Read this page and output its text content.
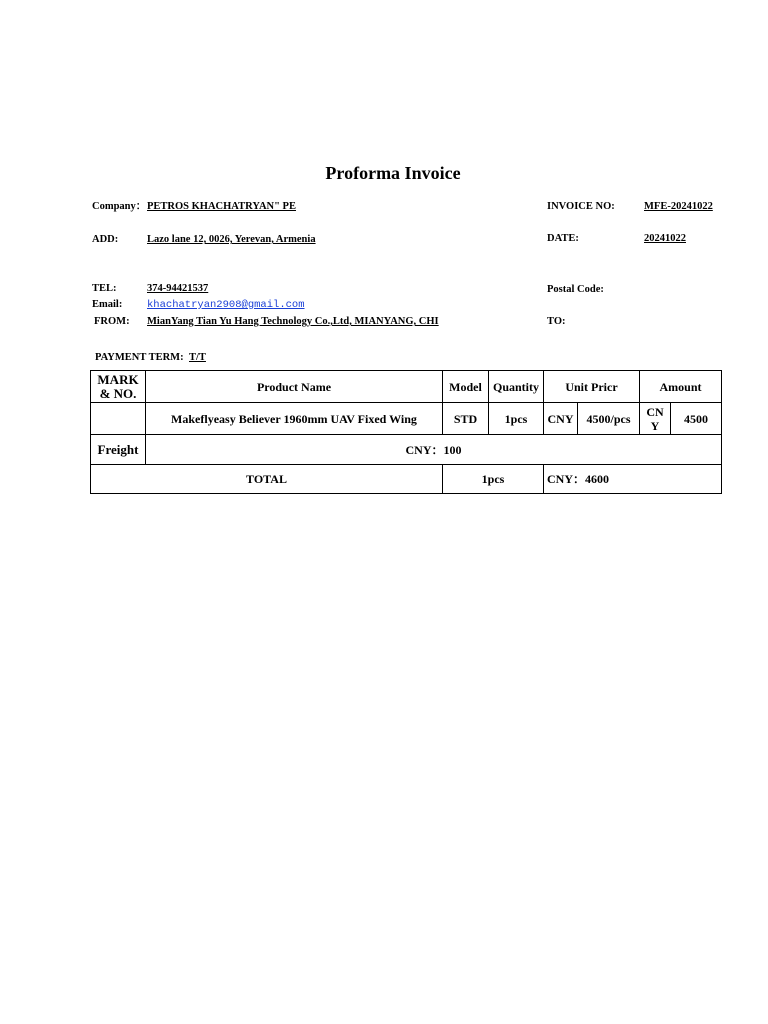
Proforma Invoice
Company： PETROS KHACHATRYAN" PE
ADD:	Lazo lane 12, 0026, Yerevan, Armenia
TEL:	374-94421537
Email: khachatryan2908@gmail.com
FROM: MianYang Tian Yu Hang Technology Co.,Ltd, MIANYANG, CHI
INVOICE NO:	MFE-20241022
DATE:	20241022
Postal Code:
TO:
PAYMENT TERM: T/T
MARK & NO.	Product Name	Model	Quantity	Unit Pricr		Amount	
	Makeflyeasy Believer 1960mm UAV Fixed Wing	STD	1pcs	CNY	4500/pcs	CNY	4500
Freight	CNY：100						
TOTAL		1pcs		CNY：4600			
